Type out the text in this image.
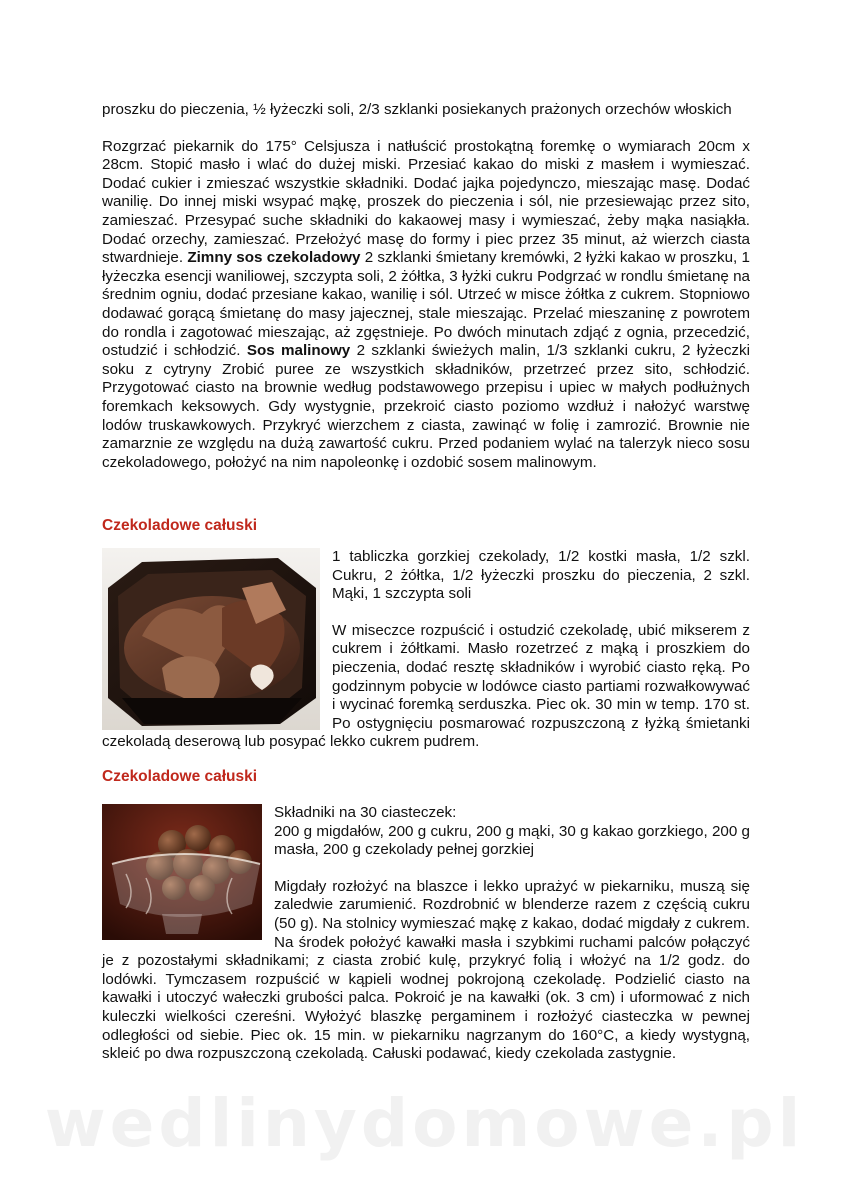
proszku do pieczenia, ½ łyżeczki soli, 2/3 szklanki posiekanych prażonych orzechów włoskich

Rozgrzać piekarnik do 175° Celsjusza i natłuścić prostokątną foremkę o wymiarach 20cm x 28cm. Stopić masło i wlać do dużej miski. Przesiać kakao do miski z masłem i wymieszać. Dodać cukier i zmieszać wszystkie składniki. Dodać jajka pojedynczo, mieszając masę. Dodać wanilię. Do innej miski wsypać mąkę, proszek do pieczenia i sól, nie przesiewając przez sito, zamieszać. Przesypać suche składniki do kakaowej masy i wymieszać, żeby mąka nasiąkła. Dodać orzechy, zamieszać. Przełożyć masę do formy i piec przez 35 minut, aż wierzch ciasta stwardnieje. Zimny sos czekoladowy 2 szklanki śmietany kremówki, 2 łyżki kakao w proszku, 1 łyżeczka esencji waniliowej, szczypta soli, 2 żółtka, 3 łyżki cukru Podgrzać w rondlu śmietanę na średnim ogniu, dodać przesiane kakao, wanilię i sól. Utrzeć w misce żółtka z cukrem. Stopniowo dodawać gorącą śmietanę do masy jajecznej, stale mieszając. Przelać mieszaninę z powrotem do rondla i zagotować mieszając, aż zgęstnieje. Po dwóch minutach zdjąć z ognia, przecedzić, ostudzić i schłodzić. Sos malinowy 2 szklanki świeżych malin, 1/3 szklanki cukru, 2 łyżeczki soku z cytryny Zrobić puree ze wszystkich składników, przetrzeć przez sito, schłodzić. Przygotować ciasto na brownie według podstawowego przepisu i upiec w małych podłużnych foremkach keksowych. Gdy wystygnie, przekroić ciasto poziomo wzdłuż i nałożyć warstwę lodów truskawkowych. Przykryć wierzchem z ciasta, zawinąć w folię i zamrozić. Brownie nie zamarznie ze względu na dużą zawartość cukru. Przed podaniem wylać na talerzyk nieco sosu czekoladowego, położyć na nim napoleonkę i ozdobić sosem malinowym.

Czekoladowe całuski

1 tabliczka gorzkiej czekolady, 1/2 kostki masła, 1/2 szkl. Cukru, 2 żółtka, 1/2 łyżeczki proszku do pieczenia, 2 szkl. Mąki, 1 szczypta soli

W miseczce rozpuścić i ostudzić czekoladę, ubić mikserem z cukrem i żółtkami. Masło rozetrzeć z mąką i proszkiem do pieczenia, dodać resztę składników i wyrobić ciasto ręką. Po godzinnym pobycie w lodówce ciasto partiami rozwałkowywać i wycinać foremką serduszka. Piec ok. 30 min w temp. 170 st. Po ostygnięciu posmarować rozpuszczoną z łyżką śmietanki czekoladą deserową lub posypać lekko cukrem pudrem.

Czekoladowe całuski

Składniki na 30 ciasteczek:

200 g migdałów, 200 g cukru, 200 g mąki, 30 g kakao gorzkiego, 200 g masła, 200 g czekolady pełnej gorzkiej

Migdały rozłożyć na blaszce i lekko uprażyć w piekarniku, muszą się zaledwie zarumienić. Rozdrobnić w blenderze razem z częścią cukru (50 g). Na stolnicy wymieszać mąkę z kakao, dodać migdały z cukrem. Na środek położyć kawałki masła i szybkimi ruchami palców połączyć je z pozostałymi składnikami; z ciasta zrobić kulę, przykryć folią i włożyć na 1/2 godz. do lodówki. Tymczasem rozpuścić w kąpieli wodnej pokrojoną czekoladę. Podzielić ciasto na kawałki i utoczyć wałeczki grubości palca. Pokroić je na kawałki (ok. 3 cm) i uformować z nich kuleczki wielkości czereśni. Wyłożyć blaszkę pergaminem i rozłożyć ciasteczka w pewnej odległości od siebie. Piec ok. 15 min. w piekarniku nagrzanym do 160°C, a kiedy wystygną, skleić po dwa rozpuszczoną czekoladą. Całuski podawać, kiedy czekolada zastygnie.

wedlinydomowe.pl
